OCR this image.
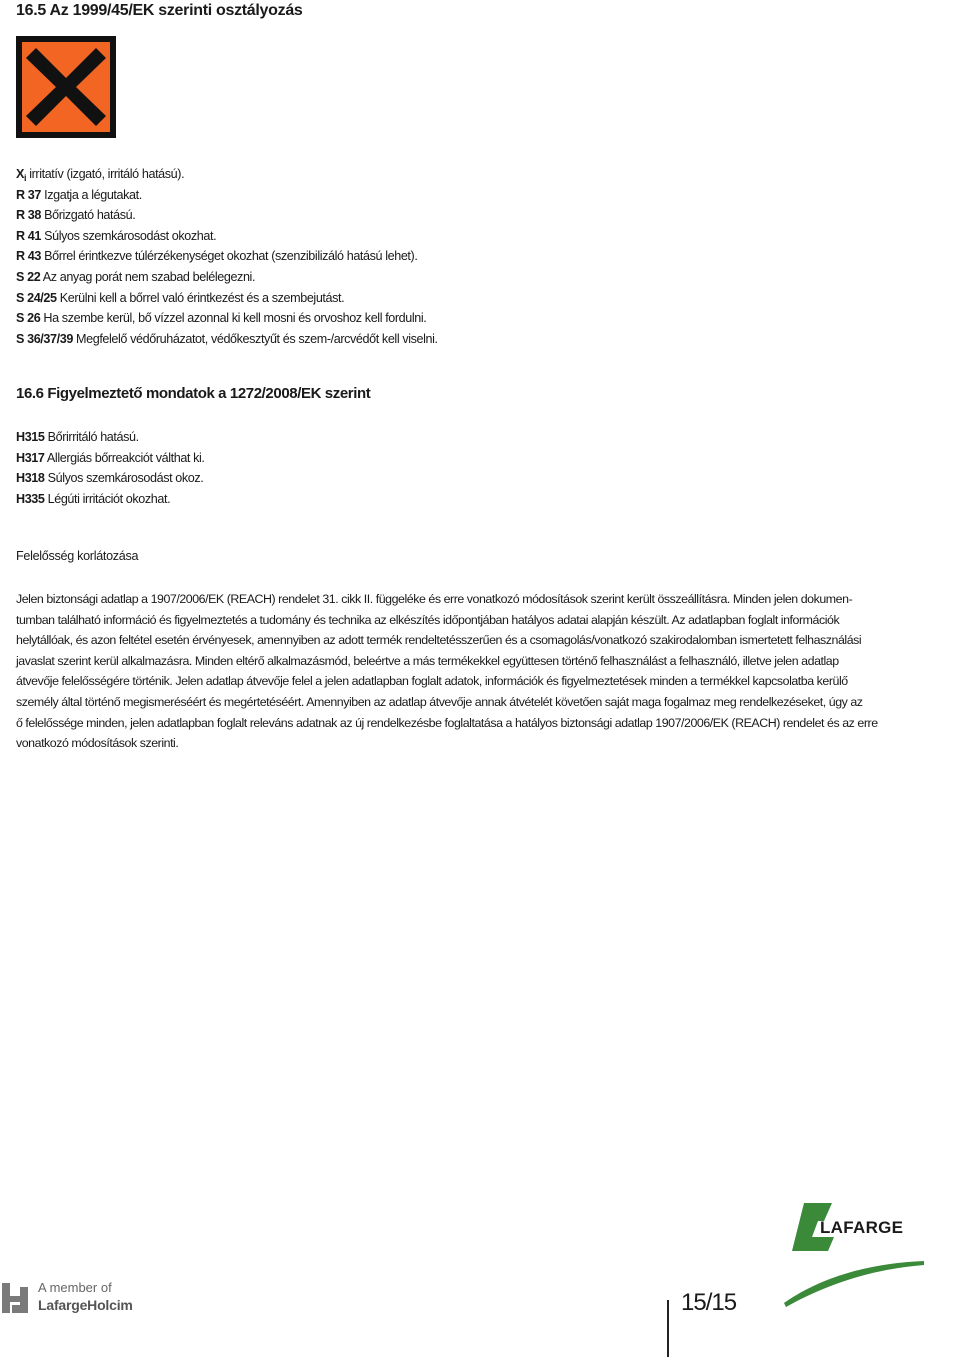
16.5 Az 1999/45/EK szerinti osztályozás
$X_i$ irritatív (izgató, irritáló hatású).
R 37 Izgatja a légutakat.
R 38 Bőrizgató hatású.
R 41 Súlyos szemkárosodást okozhat.
R 43 Bőrrel érintkezve túlérzékenységet okozhat (szenzibilizáló hatású lehet).
S 22 Az anyag porát nem szabad belélegezni.
S 24/25 Kerülni kell a bőrrel való érintkezést és a szembejutást.
S 26 Ha szembe kerül, bő vízzel azonnal ki kell mosni és orvoshoz kell fordulni.
S 36/37/39 Megfelelő védőruházatot, védőkesztyűt és szem-/arcvédőt kell viselni.
16.6 Figyelmeztető mondatok a 1272/2008/EK szerint
H315 Bőrirritáló hatású.
H317 Allergiás bőrreakciót válthat ki.
H318 Súlyos szemkárosodást okoz.
H335 Légúti irritációt okozhat.
Felelősség korlátozása
Jelen biztonsági adatlap a 1907/2006/EK (REACH) rendelet 31. cikk II. függeléke és erre vonatkozó módosítások szerint került összeállításra. Minden jelen dokumen-
tumban található információ és figyelmeztetés a tudomány és technika az elkészítés időpontjában hatályos adatai alapján készült. Az adatlapban foglalt információk
helytállóak, és azon feltétel esetén érvényesek, amennyiben az adott termék rendeltetésszerűen és a csomagolás/vonatkozó szakirodalomban ismertetett felhasználási
javaslat szerint kerül alkalmazásra. Minden eltérő alkalmazásmód, beleértve a más termékekkel együttesen történő felhasználást a felhasználó, illetve jelen adatlap
átvevője felelősségére történik. Jelen adatlap átvevője felel a jelen adatlapban foglalt adatok, információk és figyelmeztetések minden a termékkel kapcsolatba kerülő
személy által történő megismeréséért és megértetéséért. Amennyiben az adatlap átvevője annak átvételét követően saját maga fogalmaz meg rendelkezéseket, úgy az
ő felelőssége minden, jelen adatlapban foglalt releváns adatnak az új rendelkezésbe foglaltatása a hatályos biztonsági adatlap 1907/2006/EK (REACH) rendelet és az erre
vonatkozó módosítások szerinti.
LAFARGE
A member of
LafargeHolcim	15/15
